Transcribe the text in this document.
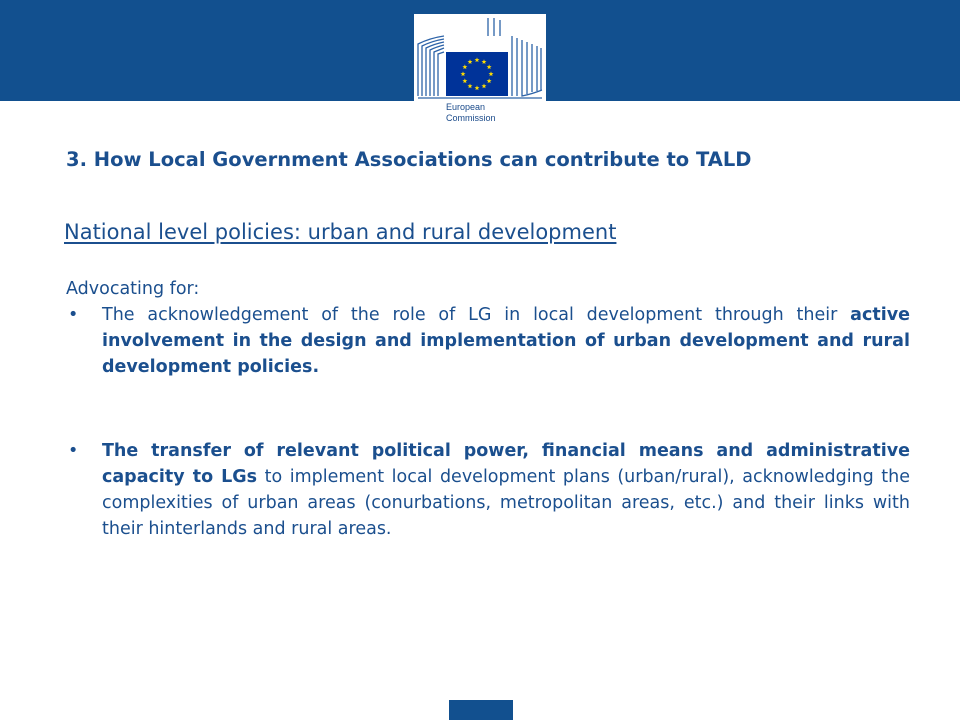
European
Commission
3. How Local Government Associations can contribute to TALD
National level policies: urban and rural development

Advocating for:

• The acknowledgement of the role of LG in local development through their active involvement in the design and implementation of urban development and rural development policies.
• The transfer of relevant political power, financial means and administrative capacity to LGs to implement local development plans (urban/rural), acknowledging the complexities of urban areas (conurbations, metropolitan areas, etc.) and their links with their hinterlands and rural areas.
